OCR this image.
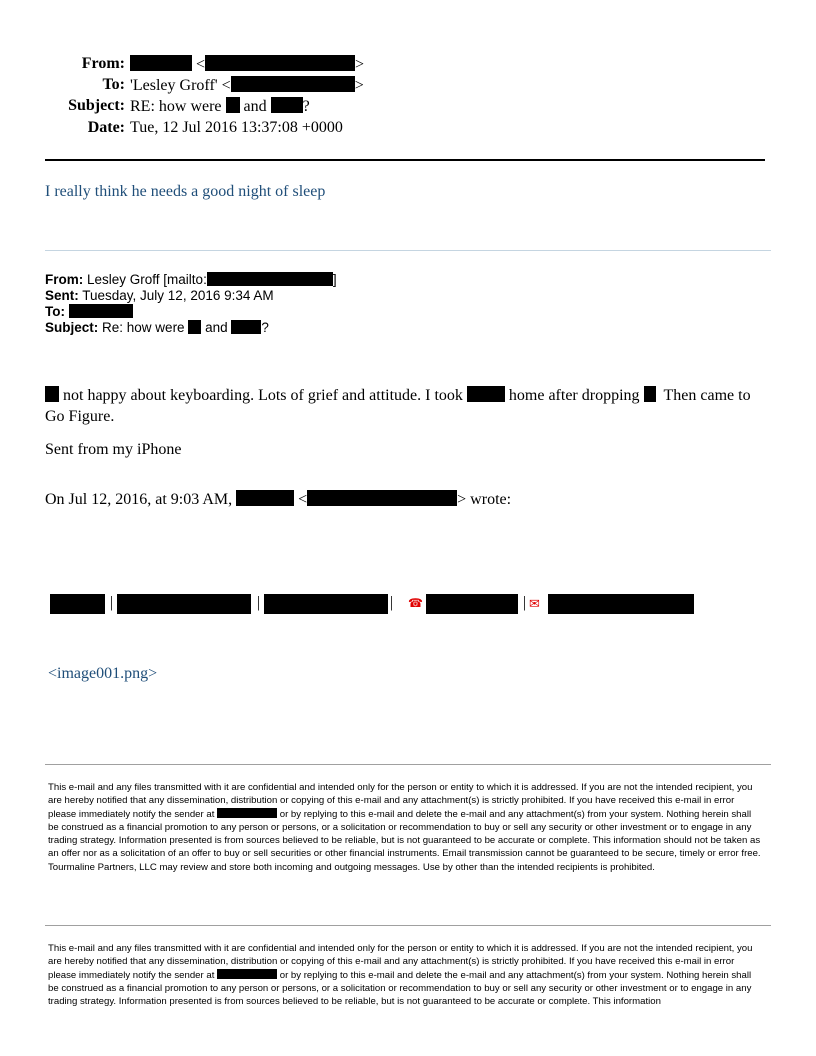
From:	<	>
To: 'Lesley Groff' <	>
Subject: RE: how were and ?
Date: Tue, 12 Jul 2016 13:37:08 +0000
I really think he needs a good night of sleep
From: Lesley Groff [mailto:	]
Sent: Tuesday, July 12, 2016 9:34 AM
To:
Subject: Re: how were and	?
not happy about keyboarding. Lots of grief and attitude. I took	home after dropping Then came to
Go Figure.
Sent from my iPhone
On Jul 12, 2016, at 9:03 AM,	<	> wrote:
|	|	| ☎	| ✉
<image001.png>
This e-mail and any files transmitted with it are confidential and intended only for the person or entity to which it is addressed. If you are not the intended recipient, you are hereby notified that any dissemination, distribution or copying of this e-mail and any attachment(s) is strictly prohibited. If you have received this e-mail in error please immediately notify the sender at	or by replying to this e-mail and delete the e-mail and any attachment(s) from your system. Nothing herein shall be construed as a financial promotion to any person or persons, or a solicitation or recommendation to buy or sell any security or other investment or to engage in any trading strategy. Information presented is from sources believed to be reliable, but is not guaranteed to be accurate or complete. This information should not be taken as an offer nor as a solicitation of an offer to buy or sell securities or other financial instruments. Email transmission cannot be guaranteed to be secure, timely or error free. Tourmaline Partners, LLC may review and store both incoming and outgoing messages. Use by other than the intended recipients is prohibited.
This e-mail and any files transmitted with it are confidential and intended only for the person or entity to which it is addressed. If you are not the intended recipient, you are hereby notified that any dissemination, distribution or copying of this e-mail and any attachment(s) is strictly prohibited. If you have received this e-mail in error please immediately notify the sender at	or by replying to this e-mail and delete the e-mail and any attachment(s) from your system. Nothing herein shall be construed as a financial promotion to any person or persons, or a solicitation or recommendation to buy or sell any security or other investment or to engage in any trading strategy. Information presented is from sources believed to be reliable, but is not guaranteed to be accurate or complete. This information
